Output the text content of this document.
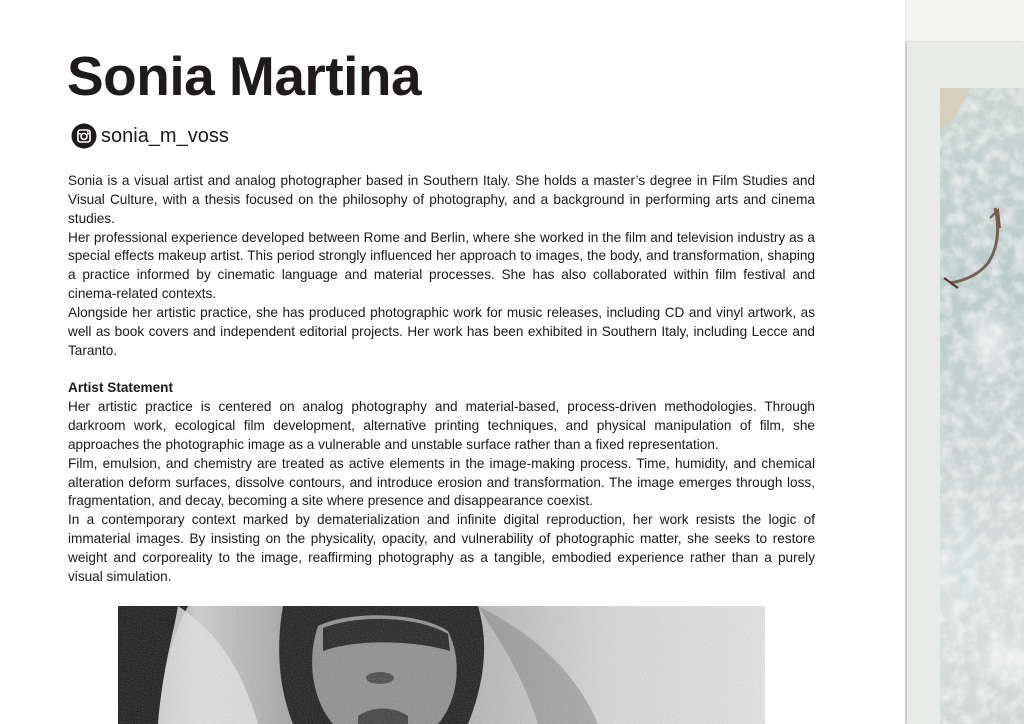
Sonia Martina
sonia_m_voss

Sonia is a visual artist and analog photographer based in Southern Italy. She holds a master’s degree in Film Studies and Visual Culture, with a thesis focused on the philosophy of photography, and a background in performing arts and cinema studies.

Her professional experience developed between Rome and Berlin, where she worked in the film and television industry as a special effects makeup artist. This period strongly influenced her approach to images, the body, and transformation, shaping a practice informed by cinematic language and material processes. She has also collaborated within film festival and cinema-related contexts.

Alongside her artistic practice, she has produced photographic work for music releases, including CD and vinyl artwork, as well as book covers and independent editorial projects. Her work has been exhibited in Southern Italy, including Lecce and Taranto.

Artist Statement

Her artistic practice is centered on analog photography and material-based, process-driven methodologies. Through darkroom work, ecological film development, alternative printing techniques, and physical manipulation of film, she approaches the photographic image as a vulnerable and unstable surface rather than a fixed representation.

Film, emulsion, and chemistry are treated as active elements in the image-making process. Time, humidity, and chemical alteration deform surfaces, dissolve contours, and introduce erosion and transformation. The image emerges through loss, fragmentation, and decay, becoming a site where presence and disappearance coexist.

In a contemporary context marked by dematerialization and infinite digital reproduction, her work resists the logic of immaterial images. By insisting on the physicality, opacity, and vulnerability of photographic matter, she seeks to restore weight and corporeality to the image, reaffirming photography as a tangible, embodied experience rather than a purely visual simulation.
